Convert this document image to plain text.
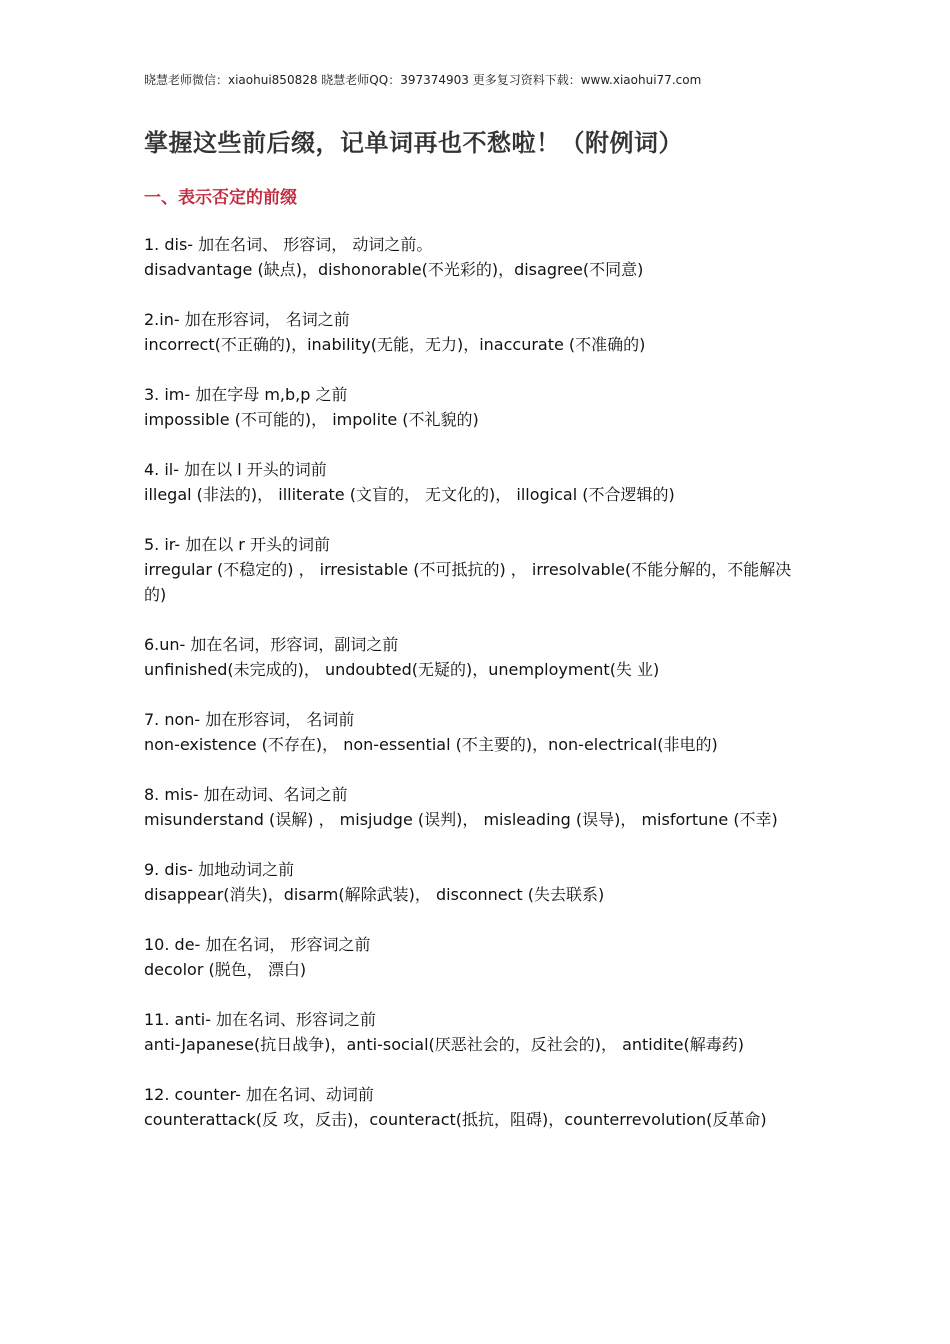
晓慧老师微信：xiaohui850828 晓慧老师QQ：397374903 更多复习资料下载：www.xiaohui77.com
掌握这些前后缀，记单词再也不愁啦！（附例词）
一、表示否定的前缀
1. dis- 加在名词、 形容词， 动词之前。
disadvantage (缺点)，dishonorable(不光彩的)，disagree(不同意)
2.in- 加在形容词， 名词之前
incorrect(不正确的)，inability(无能，无力)，inaccurate (不准确的)
3. im- 加在字母 m,b,p 之前
impossible (不可能的)， impolite (不礼貌的)
4. il- 加在以 l 开头的词前
illegal (非法的)， illiterate (文盲的， 无文化的)， illogical (不合逻辑的)
5. ir- 加在以 r 开头的词前
irregular (不稳定的) ， irresistable (不可抵抗的) ， irresolvable(不能分解的，不能解决的)
6.un- 加在名词，形容词，副词之前
unfinished(未完成的)， undoubted(无疑的)，unemployment(失 业)
7. non- 加在形容词， 名词前
non-existence (不存在)， non-essential (不主要的)，non-electrical(非电的)
8. mis- 加在动词、名词之前
misunderstand (误解) ， misjudge (误判)， misleading (误导)， misfortune (不幸)
9. dis- 加地动词之前
disappear(消失)，disarm(解除武装)， disconnect (失去联系)
10. de- 加在名词， 形容词之前
decolor (脱色， 漂白)
11. anti- 加在名词、形容词之前
anti-Japanese(抗日战争)，anti-social(厌恶社会的，反社会的)， antidite(解毒药)
12. counter- 加在名词、动词前
counterattack(反 攻，反击)，counteract(抵抗，阻碍)，counterrevolution(反革命)
